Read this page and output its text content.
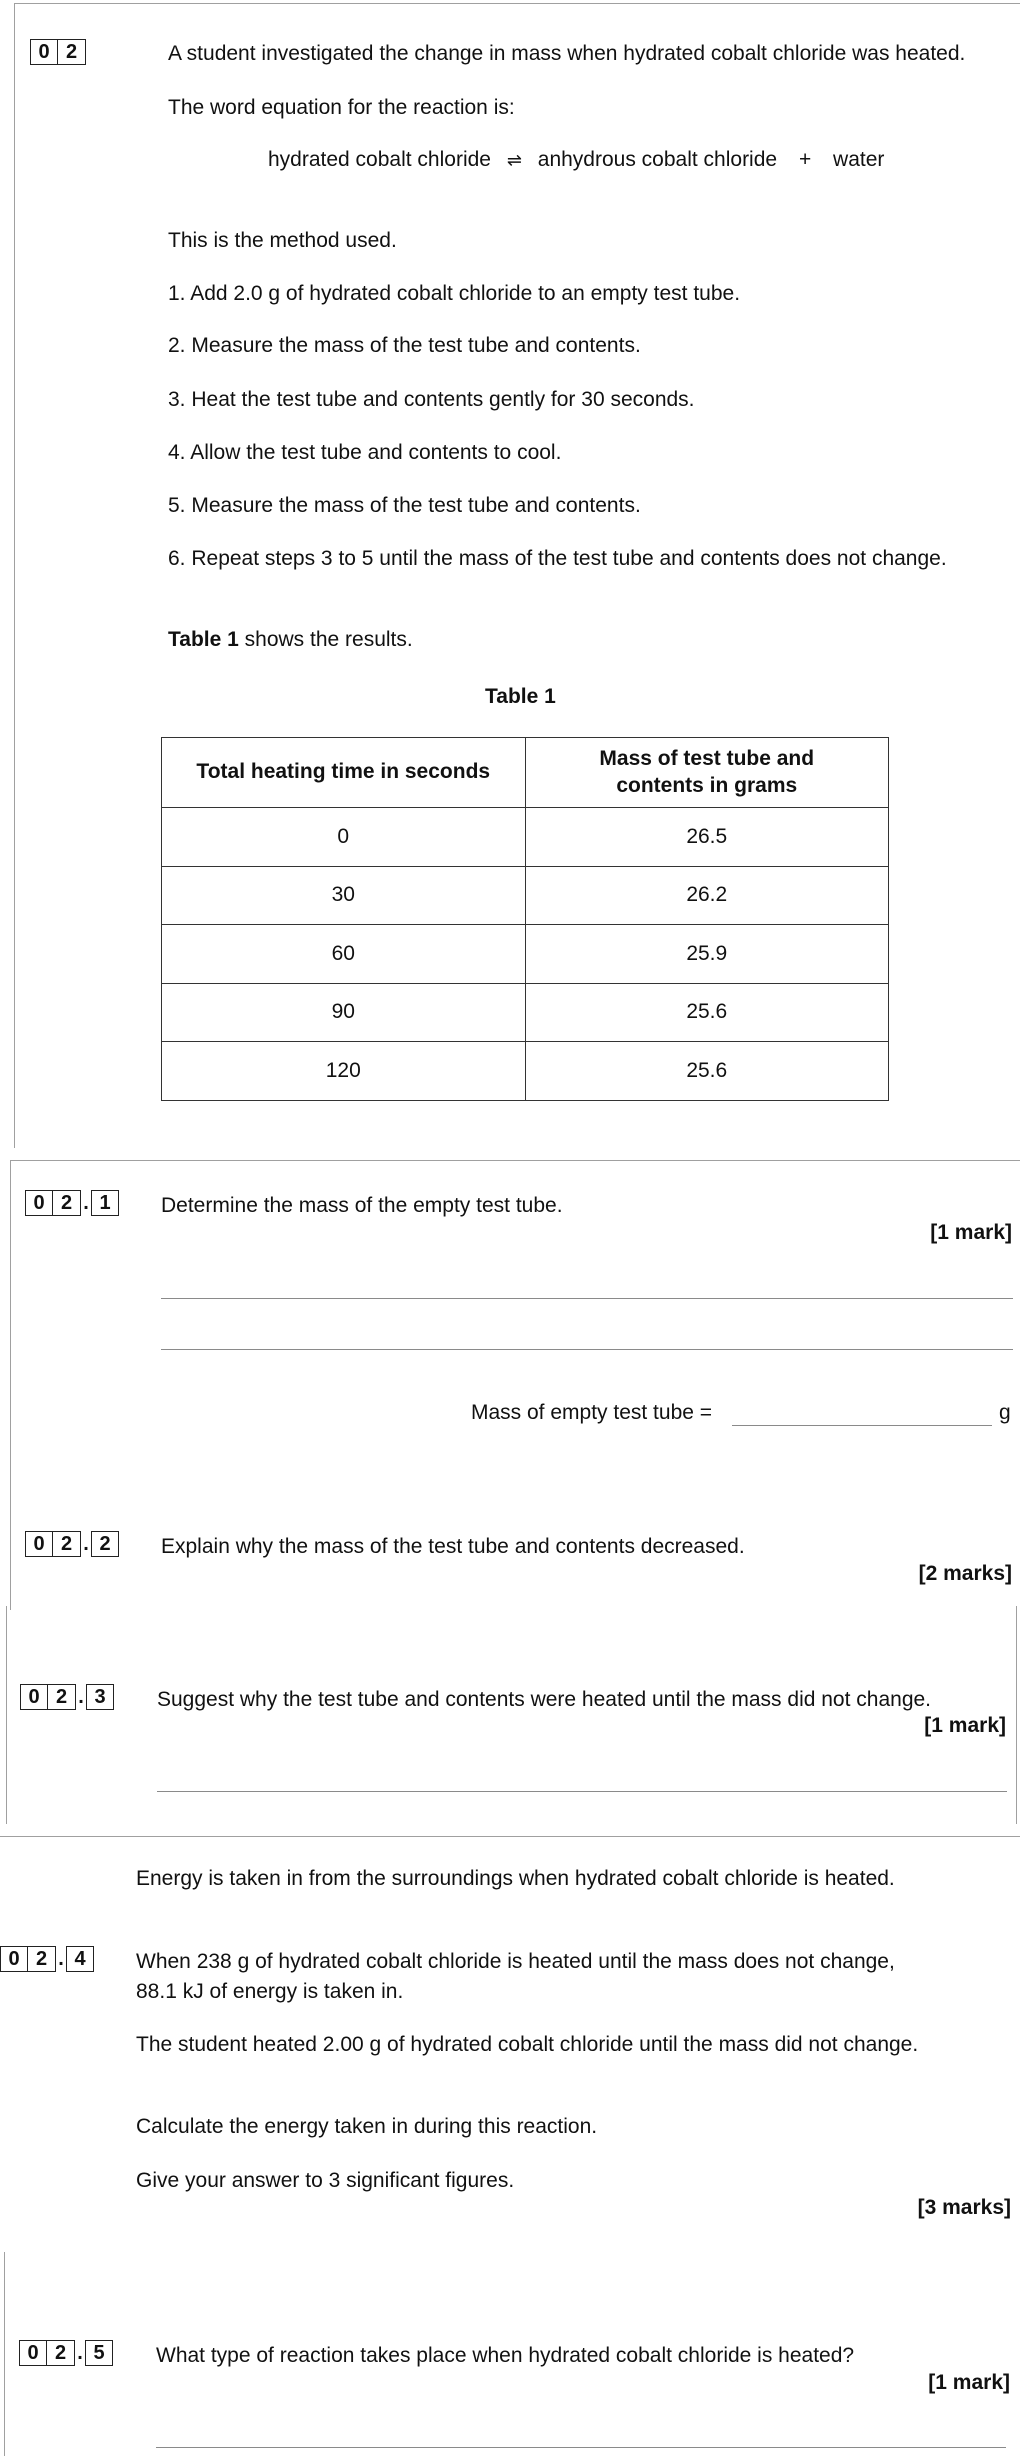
0 2	A student investigated the change in mass when hydrated cobalt chloride was heated.
The word equation for the reaction is:
hydrated cobalt chloride ⇌ anhydrous cobalt chloride + water
This is the method used.
1. Add 2.0 g of hydrated cobalt chloride to an empty test tube.
2. Measure the mass of the test tube and contents.
3. Heat the test tube and contents gently for 30 seconds.
4. Allow the test tube and contents to cool.
5. Measure the mass of the test tube and contents.
6. Repeat steps 3 to 5 until the mass of the test tube and contents does not change.
Table 1 shows the results.
Table 1
Total heating time in seconds	Mass of test tube and contents in grams
0	26.5
30	26.2
60	25.9
90	25.6
120	25.6
0 2 . 1	Determine the mass of the empty test tube.
[1 mark]
Mass of empty test tube =	g
0 2 . 2	Explain why the mass of the test tube and contents decreased.
[2 marks]
0 2 . 3	Suggest why the test tube and contents were heated until the mass did not change.
[1 mark]
Energy is taken in from the surroundings when hydrated cobalt chloride is heated.
0 2 . 4	When 238 g of hydrated cobalt chloride is heated until the mass does not change,
88.1 kJ of energy is taken in.
The student heated 2.00 g of hydrated cobalt chloride until the mass did not change.
Calculate the energy taken in during this reaction.
Give your answer to 3 significant figures.
[3 marks]
0 2 . 5	What type of reaction takes place when hydrated cobalt chloride is heated?
[1 mark]
